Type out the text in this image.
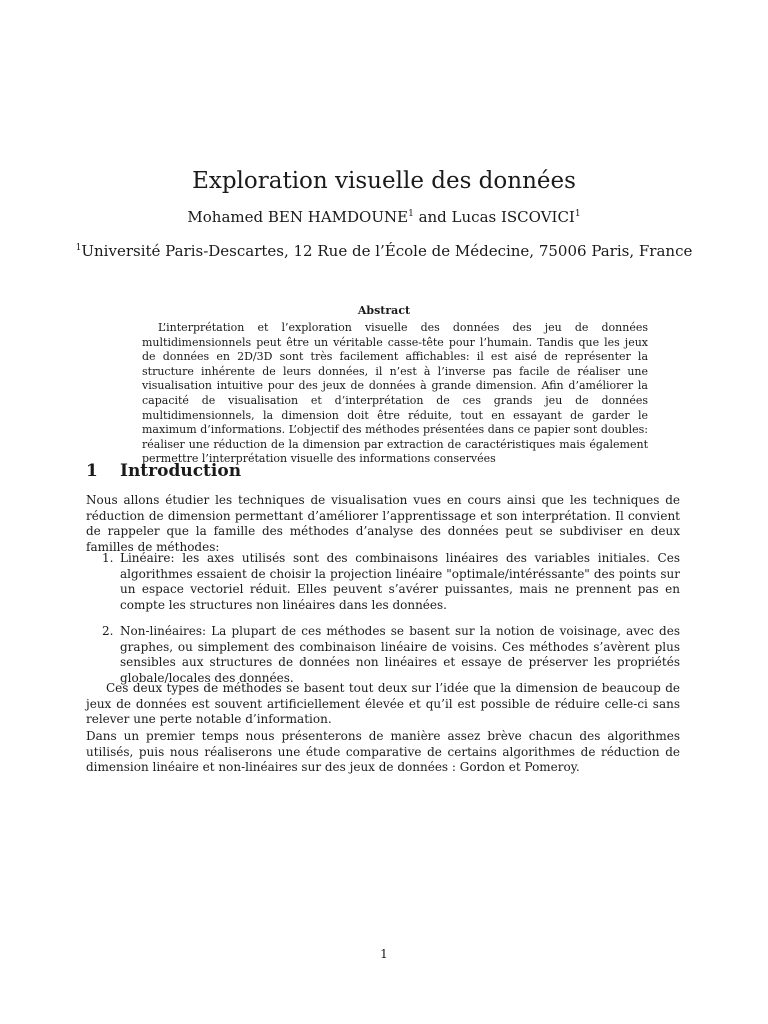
Exploration visuelle des données
Mohamed BEN HAMDOUNE$^1$ and Lucas ISCOVICI$^1$
$^1$Université Paris-Descartes, 12 Rue de l’École de Médecine, 75006 Paris, France
Abstract

L’interprétation et l’exploration visuelle des données des jeu de données multidimensionnels peut être un véritable casse-tête pour l’humain. Tandis que les jeux de données en 2D/3D sont très facilement affichables: il est aisé de représenter la structure inhérente de leurs données, il n’est à l’inverse pas facile de réaliser une visualisation intuitive pour des jeux de données à grande dimension. Afin d’améliorer la capacité de visualisation et d’interprétation de ces grands jeu de données multidimensionnels, la dimension doit être réduite, tout en essayant de garder le maximum d’informations. L’objectif des méthodes présentées dans ce papier sont doubles: réaliser une réduction de la dimension par extraction de caractéristiques mais également permettre l’interprétation visuelle des informations conservées

1 Introduction

Nous allons étudier les techniques de visualisation vues en cours ainsi que les techniques de réduction de dimension permettant d’améliorer l’apprentissage et son interprétation. Il convient de rappeler que la famille des méthodes d’analyse des données peut se subdiviser en deux familles de méthodes:

1. Linéaire: les axes utilisés sont des combinaisons linéaires des variables initiales. Ces algorithmes essaient de choisir la projection linéaire "optimale/intéréssante" des points sur un espace vectoriel réduit. Elles peuvent s’avérer puissantes, mais ne prennent pas en compte les structures non linéaires dans les données.
2. Non-linéaires: La plupart de ces méthodes se basent sur la notion de voisinage, avec des graphes, ou simplement des combinaison linéaire de voisins. Ces méthodes s’avèrent plus sensibles aux structures de données non linéaires et essaye de préserver les propriétés globale/locales des données.

Ces deux types de méthodes se basent tout deux sur l’idée que la dimension de beaucoup de jeux de données est souvent artificiellement élevée et qu’il est possible de réduire celle-ci sans relever une perte notable d’information.

Dans un premier temps nous présenterons de manière assez brève chacun des algorithmes utilisés, puis nous réaliserons une étude comparative de certains algorithmes de réduction de dimension linéaire et non-linéaires sur des jeux de données : Gordon et Pomeroy.

1
